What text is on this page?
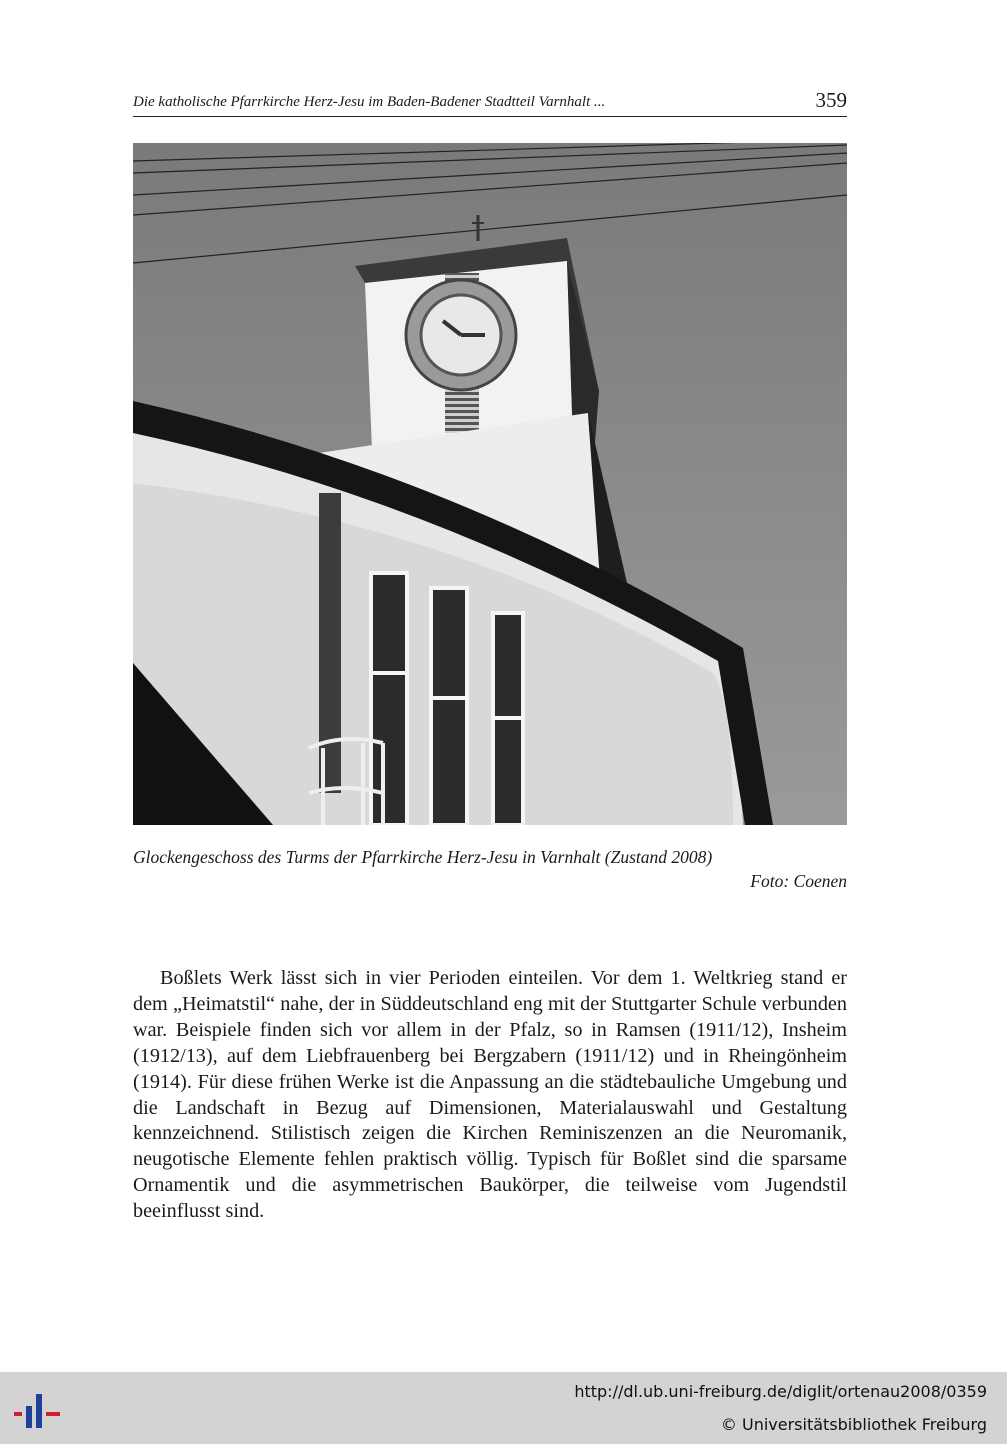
Die katholische Pfarrkirche Herz-Jesu im Baden-Badener Stadtteil Varnhalt ...	359
Glockengeschoss des Turms der Pfarrkirche Herz-Jesu in Varnhalt (Zustand 2008)
Foto: Coenen

Boßlets Werk lässt sich in vier Perioden einteilen. Vor dem 1. Weltkrieg stand er dem „Heimatstil“ nahe, der in Süddeutschland eng mit der Stuttgarter Schule verbunden war. Beispiele finden sich vor allem in der Pfalz, so in Ramsen (1911/12), Insheim (1912/13), auf dem Liebfrauenberg bei Bergzabern (1911/12) und in Rheingönheim (1914). Für diese frühen Werke ist die Anpassung an die städtebauliche Umgebung und die Landschaft in Bezug auf Dimensionen, Materialauswahl und Gestaltung kennzeichnend. Stilistisch zeigen die Kirchen Reminiszenzen an die Neuromanik, neugotische Elemente fehlen praktisch völlig. Typisch für Boßlet sind die sparsame Ornamentik und die asymmetrischen Baukörper, die teilweise vom Jugendstil beeinflusst sind.

http://dl.ub.uni-freiburg.de/diglit/ortenau2008/0359
© Universitätsbibliothek Freiburg
